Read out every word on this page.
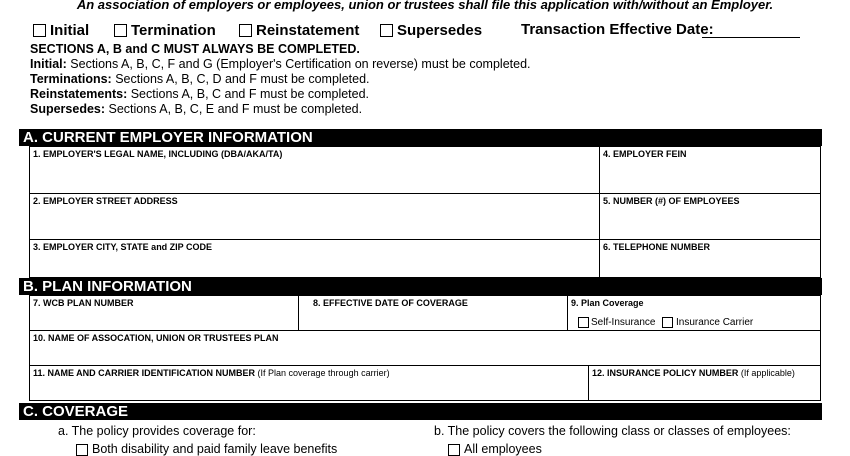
An association of employers or employees, union or trustees shall file this application with/without an Employer.
Initial	Termination	Reinstatement	Supersedes	Transaction Effective Date:
SECTIONS A, B and C MUST ALWAYS BE COMPLETED.
Initial: Sections A, B, C, F and G (Employer's Certification on reverse) must be completed.
Terminations: Sections A, B, C, D and F must be completed.
Reinstatements: Sections A, B, C and F must be completed.
Supersedes: Sections A, B, C, E and F must be completed.
A. CURRENT EMPLOYER INFORMATION
1. EMPLOYER'S LEGAL NAME, INCLUDING (DBA/AKA/TA)	4. EMPLOYER FEIN
2. EMPLOYER STREET ADDRESS	5. NUMBER (#) OF EMPLOYEES
3. EMPLOYER CITY, STATE and ZIP CODE	6. TELEPHONE NUMBER
B. PLAN INFORMATION
7. WCB PLAN NUMBER	8. EFFECTIVE DATE OF COVERAGE	9. Plan Coverage
Self-Insurance Insurance Carrier
10. NAME OF ASSOCATION, UNION OR TRUSTEES PLAN
11. NAME AND CARRIER IDENTIFICATION NUMBER (If Plan coverage through carrier)	12. INSURANCE POLICY NUMBER (If applicable)
C. COVERAGE
a. The policy provides coverage for:
Both disability and paid family leave benefits
b. The policy covers the following class or classes of employees:
All employees
